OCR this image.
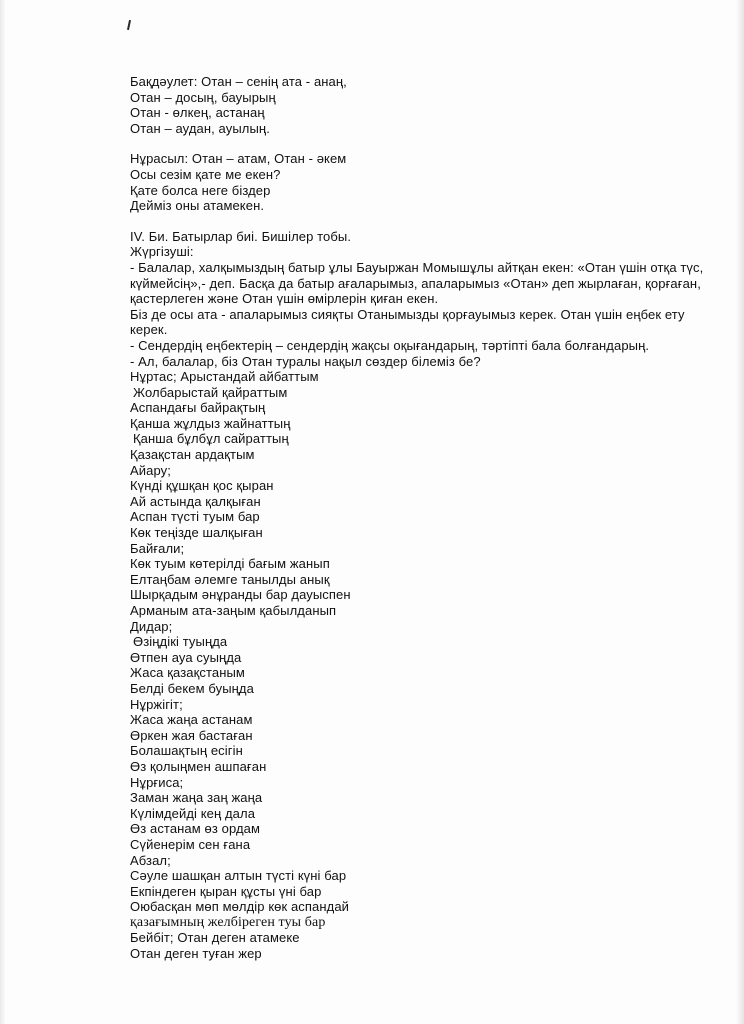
Бақдәулет: Отан – сенің ата - анаң,
Отан – досың, бауырың
Отан - өлкең, астанаң
Отан – аудан, ауылың.
Нұрасыл: Отан – атам, Отан - әкем
Осы сезім қате ме екен?
Қате болса неге біздер
Дейміз оны атамекен.
IV. Би. Батырлар биі. Бишілер тобы.
Жүргізуші:
- Балалар, халқымыздың батыр ұлы Бауыржан Момышұлы айтқан екен: «Отан үшін отқа түс, күймейсің»,- деп. Басқа да батыр ағаларымыз, апаларымыз «Отан» деп жырлаған, қорғаған, қастерлеген және Отан үшін өмірлерін қиған екен.
Біз де осы ата - апаларымыз сияқты Отанымызды қорғауымыз керек. Отан үшін еңбек ету керек.
- Сендердің еңбектерің – сендердің жақсы оқығандарың, тәртіпті бала болғандарың.
- Ал, балалар, біз Отан туралы нақыл сөздер білеміз бе?
Нұртас; Арыстандай айбаттым
Жолбарыстай қайраттым
Аспандағы байрақтың
Қанша жұлдыз жайнаттың
Қанша бұлбұл сайраттың
Қазақстан ардақтым
Айару;
Күнді құшқан қос қыран
Ай астында қалқыған
Аспан түсті туым бар
Көк теңізде шалқыған
Байғали;
Көк туым көтерілді бағым жанып
Елтаңбам әлемге танылды анық
Шырқадым әнұранды бар дауыспен
Арманым ата-заңым қабылданып
Дидар;
Өзіңдікі туыңда
Өтпен ауа суыңда
Жаса қазақстаным
Белді бекем буыңда
Нұржігіт;
Жаса жаңа астанам
Өркен жая бастаған
Болашақтың есігін
Өз қолыңмен ашпаған
Нұрғиса;
Заман жаңа заң жаңа
Күлімдейді кең дала
Өз астанам өз ордам
Сүйенерім сен ғана
Абзал;
Сәуле шашқан алтын түсті күні бар
Екпіндеген қыран құсты үні бар
Оюбасқан мөп мөлдір көк аспандай
қазағымның желбіреген туы бар
Бейбіт; Отан деген атамеке
Отан деген туған жер
